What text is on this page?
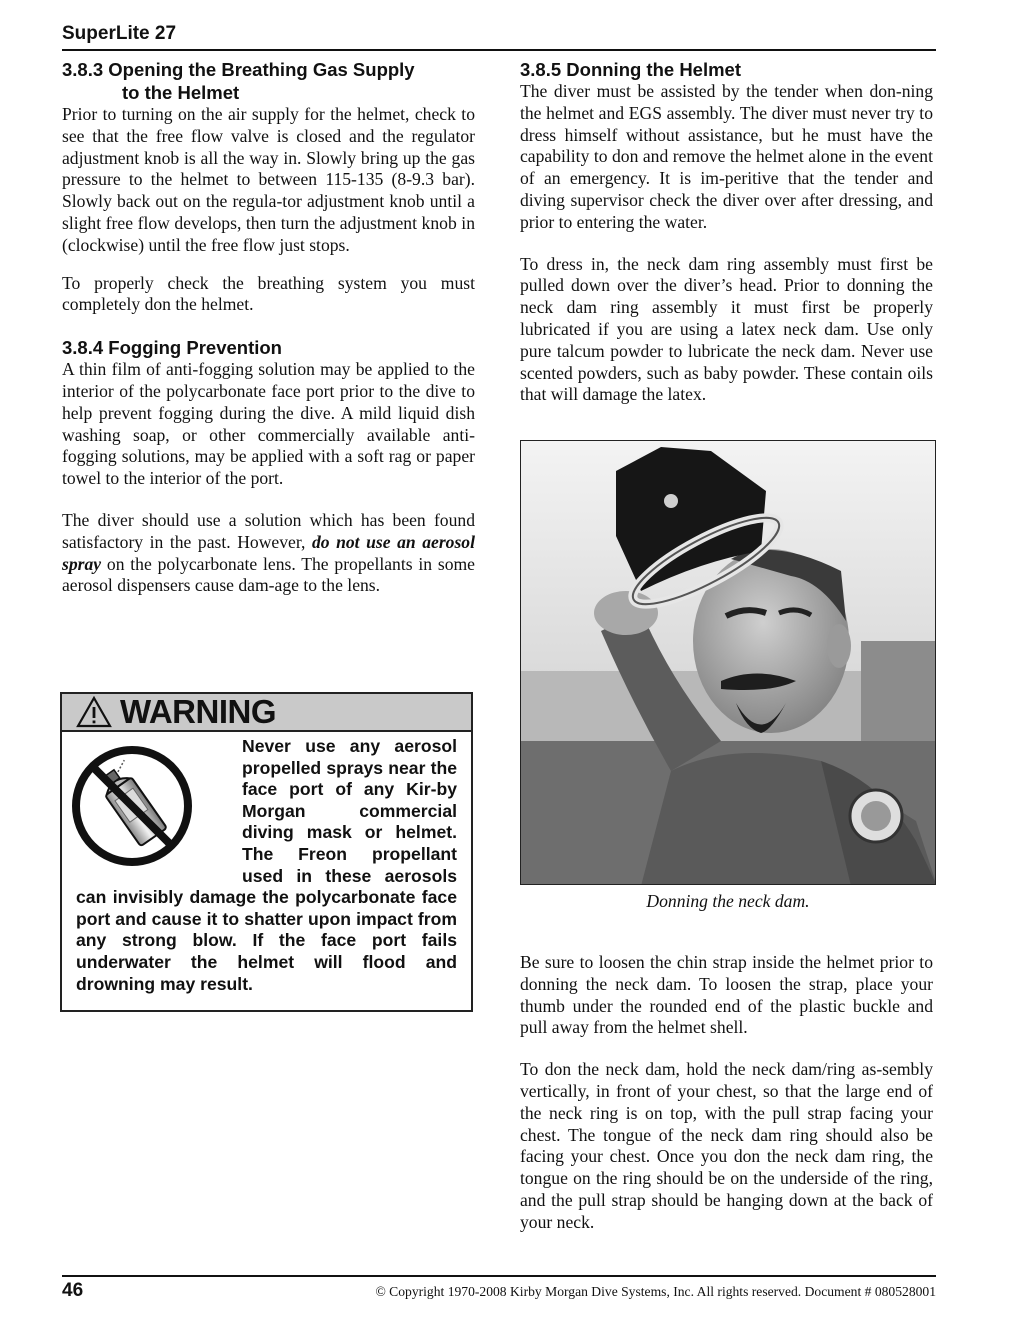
SuperLite 27
3.8.3 Opening the Breathing Gas Supply
to the Helmet

Prior to turning on the air supply for the helmet, check to see that the free flow valve is closed and the regulator adjustment knob is all the way in. Slowly bring up the gas pressure to the helmet to between 115-135 (8-9.3 bar). Slowly back out on the regula-tor adjustment knob until a slight free flow develops, then turn the adjustment knob in (clockwise) until the free flow just stops.

To properly check the breathing system you must completely don the helmet.

3.8.4 Fogging Prevention

A thin film of anti-fogging solution may be applied to the interior of the polycarbonate face port prior to the dive to help prevent fogging during the dive. A mild liquid dish washing soap, or other commercially available anti-fogging solutions, may be applied with a soft rag or paper towel to the interior of the port.

The diver should use a solution which has been found satisfactory in the past. However, do not use an aerosol spray on the polycarbonate lens. The propellants in some aerosol dispensers cause dam-age to the lens.

WARNING
Never use any aerosol propelled sprays near the face port of any Kir-by Morgan commercial diving mask or helmet. The Freon propellant used in these aerosols can invisibly damage the polycarbonate face port and cause it to shatter upon impact from any strong blow. If the face port fails underwater the helmet will flood and drowning may result.
3.8.5 Donning the Helmet

The diver must be assisted by the tender when don-ning the helmet and EGS assembly. The diver must never try to dress himself without assistance, but he must have the capability to don and remove the helmet alone in the event of an emergency. It is im-peritive that the tender and diving supervisor check the diver over after dressing, and prior to entering the water.

To dress in, the neck dam ring assembly must first be pulled down over the diver’s head. Prior to donning the neck dam ring assembly it must first be properly lubricated if you are using a latex neck dam. Use only pure talcum powder to lubricate the neck dam. Never use scented powders, such as baby powder. These contain oils that will damage the latex.

Donning the neck dam.

Be sure to loosen the chin strap inside the helmet prior to donning the neck dam. To loosen the strap, place your thumb under the rounded end of the plastic buckle and pull away from the helmet shell.

To don the neck dam, hold the neck dam/ring as-sembly vertically, in front of your chest, so that the large end of the neck ring is on top, with the pull strap facing your chest. The tongue of the neck dam ring should also be facing your chest. Once you don the neck dam ring, the tongue on the ring should be on the underside of the ring, and the pull strap should be hanging down at the back of your neck.

46	© Copyright 1970-2008 Kirby Morgan Dive Systems, Inc. All rights reserved. Document # 080528001
